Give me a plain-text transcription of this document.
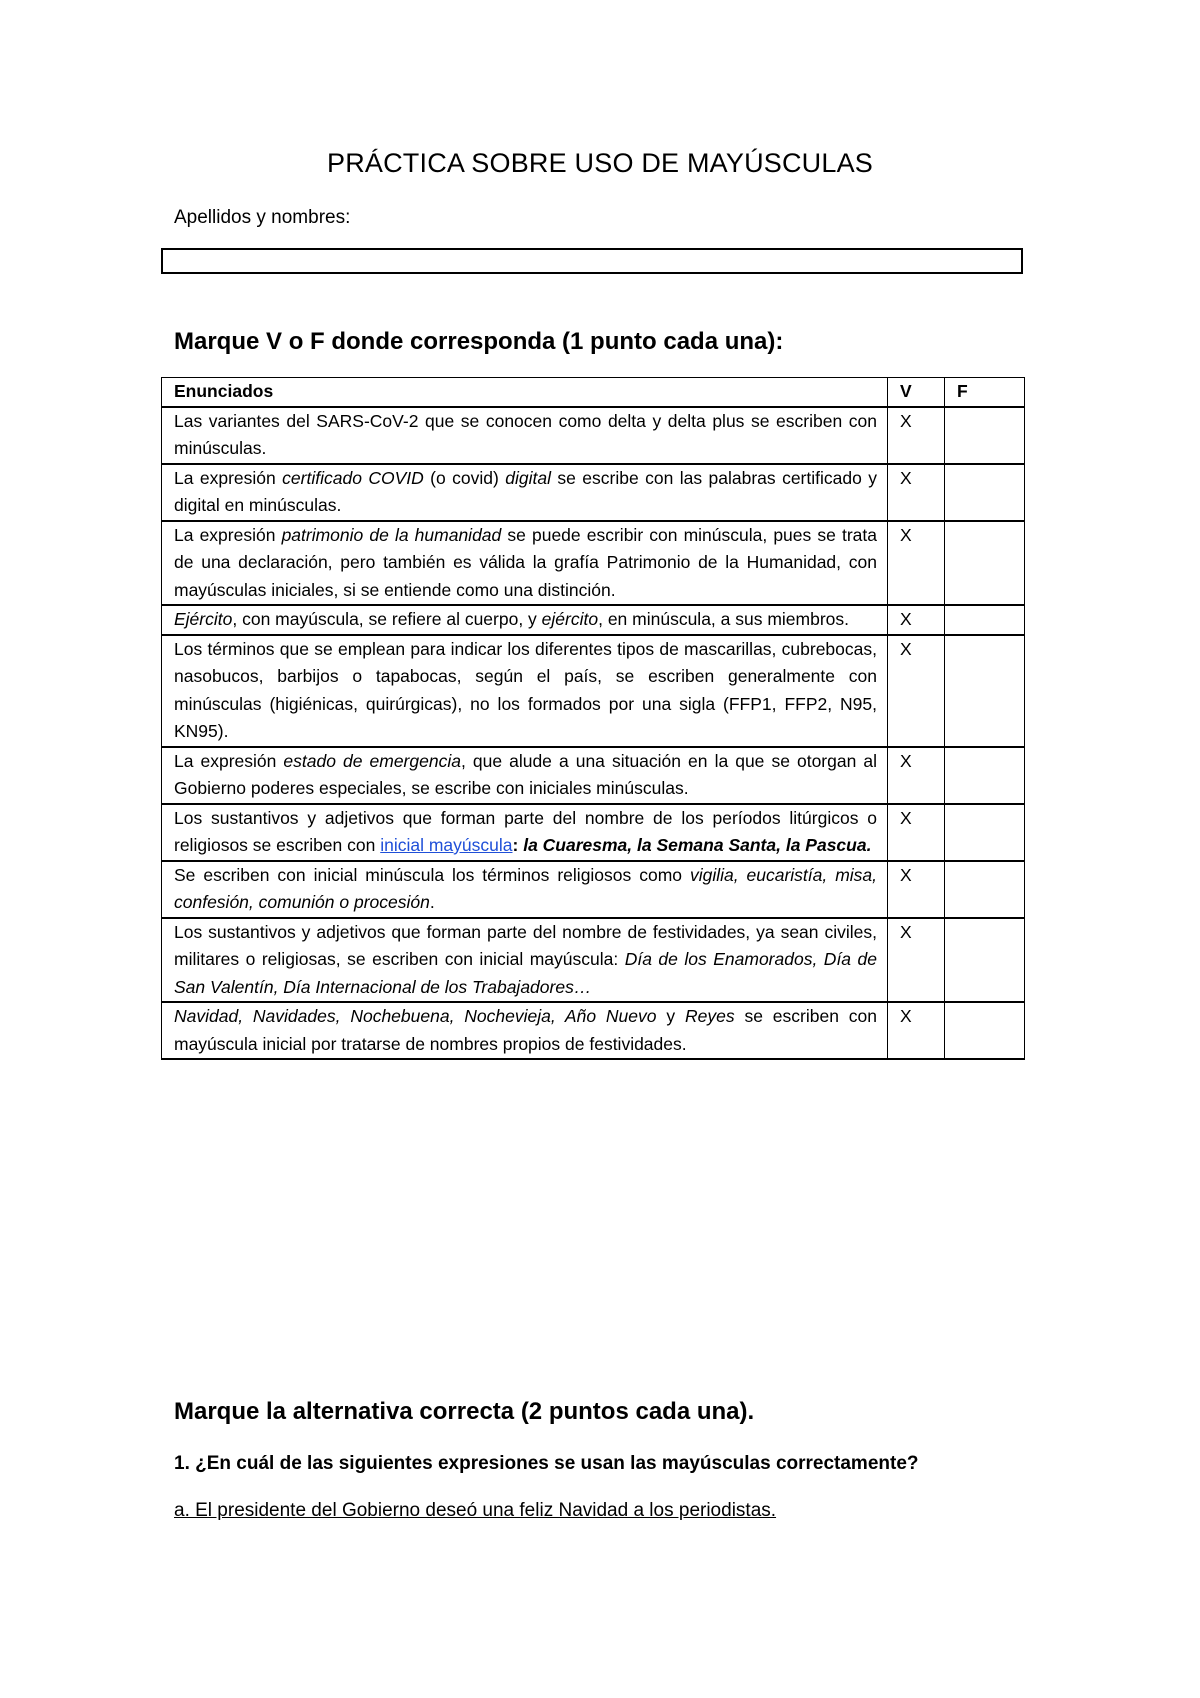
PRÁCTICA SOBRE USO DE MAYÚSCULAS
Apellidos y nombres:
Marque V o F donde corresponda (1 punto cada una):
Enunciados	V	F
Las variantes del SARS-CoV-2 que se conocen como delta y delta plus se escriben con minúsculas.	X	
La expresión certificado COVID (o covid) digital se escribe con las palabras certificado y digital en minúsculas.	X	
La expresión patrimonio de la humanidad se puede escribir con minúscula, pues se trata de una declaración, pero también es válida la grafía Patrimonio de la Humanidad, con mayúsculas iniciales, si se entiende como una distinción.	X	
Ejército, con mayúscula, se refiere al cuerpo, y ejército, en minúscula, a sus miembros.	X	
Los términos que se emplean para indicar los diferentes tipos de mascarillas, cubrebocas, nasobucos, barbijos o tapabocas, según el país, se escriben generalmente con minúsculas (higiénicas, quirúrgicas), no los formados por una sigla (FFP1, FFP2, N95, KN95).	X	
La expresión estado de emergencia, que alude a una situación en la que se otorgan al Gobierno poderes especiales, se escribe con iniciales minúsculas.	X	
Los sustantivos y adjetivos que forman parte del nombre de los períodos litúrgicos o religiosos se escriben con inicial mayúscula: la Cuaresma, la Semana Santa, la Pascua.	X	
Se escriben con inicial minúscula los términos religiosos como vigilia, eucaristía, misa, confesión, comunión o procesión.	X	
Los sustantivos y adjetivos que forman parte del nombre de festividades, ya sean civiles, militares o religiosas, se escriben con inicial mayúscula: Día de los Enamorados, Día de San Valentín, Día Internacional de los Trabajadores…	X	
Navidad, Navidades, Nochebuena, Nochevieja, Año Nuevo y Reyes se escriben con mayúscula inicial por tratarse de nombres propios de festividades.	X	
Marque la alternativa correcta (2 puntos cada una).
1. ¿En cuál de las siguientes expresiones se usan las mayúsculas correctamente?
a. El presidente del Gobierno deseó una feliz Navidad a los periodistas.
